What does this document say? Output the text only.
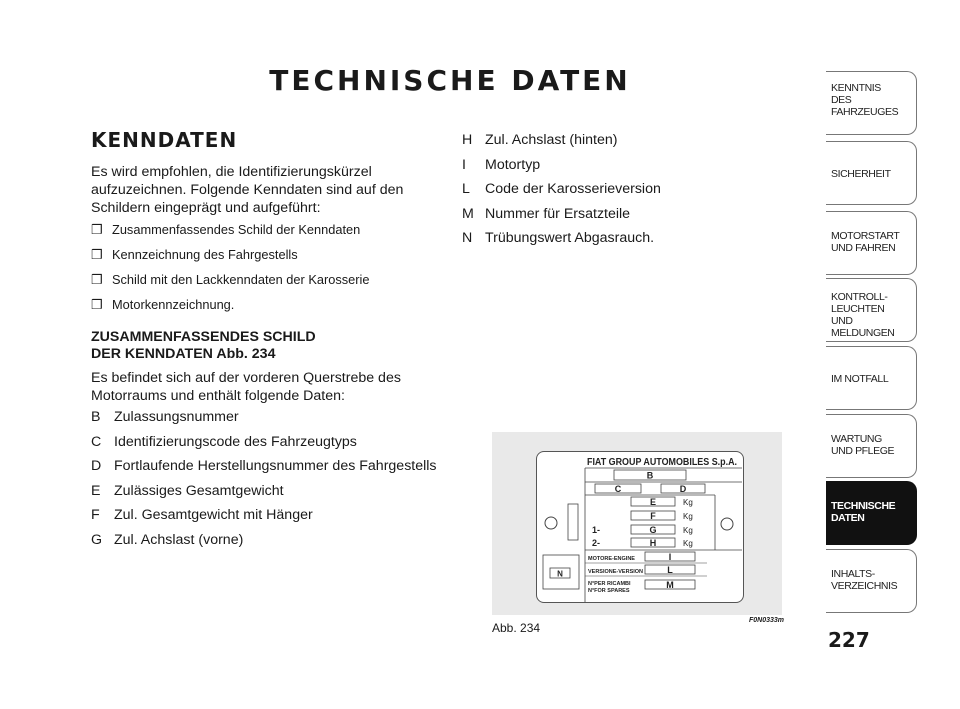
TECHNISCHE DATEN
KENNDATEN

Es wird empfohlen, die Identifizierungskürzel aufzuzeichnen. Folgende Kenndaten sind auf den Schildern eingeprägt und aufgeführt:

❒ Zusammenfassendes Schild der Kenndaten
❒ Kennzeichnung des Fahrgestells
❒ Schild mit den Lackkenndaten der Karosserie
❒ Motorkennzeichnung.
ZUSAMMENFASSENDES SCHILD
DER KENNDATEN Abb. 234

Es befindet sich auf der vorderen Querstrebe des Motorraums und enthält folgende Daten:

B Zulassungsnummer
C Identifizierungscode des Fahrzeugtyps
D Fortlaufende Herstellungsnummer des Fahrgestells
E Zulässiges Gesamtgewicht
F Zul. Gesamtgewicht mit Hänger
G Zul. Achslast (vorne)
H Zul. Achslast (hinten)
I Motortyp
L Code der Karosserieversion
M Nummer für Ersatzteile
N Trübungswert Abgasrauch.
N
FIAT GROUP AUTOMOBILES S.p.A.
B
C	D
E	Kg
F	Kg
1-	G	Kg
2-	H	Kg
MOTORE-ENGINE	I
VERSIONE-VERSION	L
N°PER RICAMBI
N°FOR SPARES
M
Abb. 234
F0N0333m
227
KENNTNIS
DES FAHRZEUGES
SICHERHEIT
MOTORSTART
UND FAHREN
KONTROLL-
LEUCHTEN
UND MELDUNGEN
IM NOTFALL
WARTUNG
UND PFLEGE
TECHNISCHE
DATEN
INHALTS-
VERZEICHNIS
